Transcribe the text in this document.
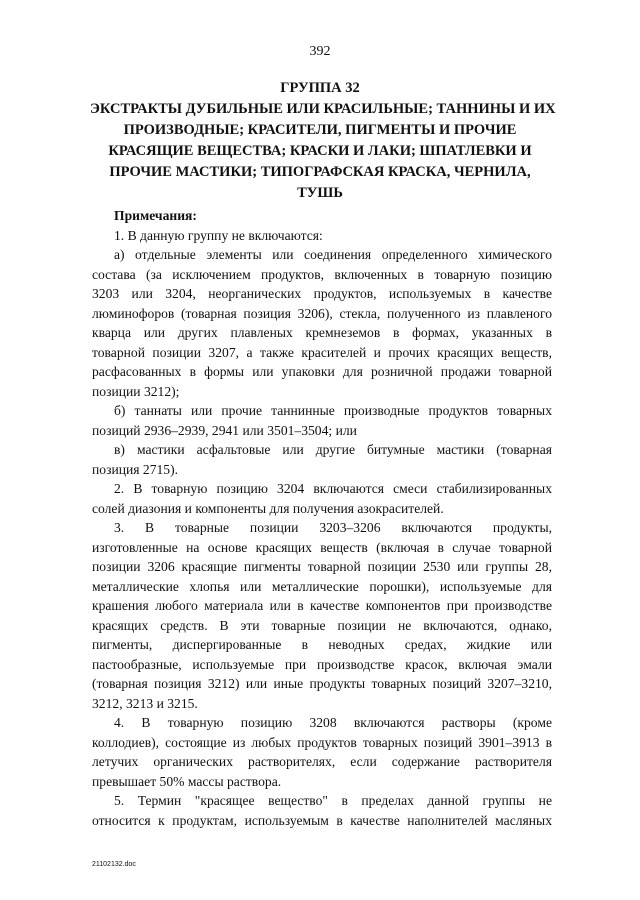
392
ГРУППА 32
ЭКСТРАКТЫ ДУБИЛЬНЫЕ ИЛИ КРАСИЛЬНЫЕ; ТАННИНЫ И ИХ
ПРОИЗВОДНЫЕ; КРАСИТЕЛИ, ПИГМЕНТЫ И ПРОЧИЕ
КРАСЯЩИЕ ВЕЩЕСТВА; КРАСКИ И ЛАКИ; ШПАТЛЕВКИ И
ПРОЧИЕ МАСТИКИ; ТИПОГРАФСКАЯ КРАСКА, ЧЕРНИЛА,
ТУШЬ
Примечания:
1. В данную группу не включаются:
а) отдельные элементы или соединения определенного химического
состава (за исключением продуктов, включенных в товарную позицию
3203 или 3204, неорганических продуктов, используемых в качестве
люминофоров (товарная позиция 3206), стекла, полученного из плавленого
кварца или других плавленых кремнеземов в формах, указанных в
товарной позиции 3207, а также красителей и прочих красящих веществ,
расфасованных в формы или упаковки для розничной продажи товарной
позиции 3212);
б) таннаты или прочие таннинные производные продуктов товарных
позиций 2936–2939, 2941 или 3501–3504; или
в) мастики асфальтовые или другие битумные мастики (товарная
позиция 2715).
2. В товарную позицию 3204 включаются смеси стабилизированных
солей диазония и компоненты для получения азокрасителей.
3. В товарные позиции 3203–3206 включаются продукты,
изготовленные на основе красящих веществ (включая в случае товарной
позиции 3206 красящие пигменты товарной позиции 2530 или группы 28,
металлические хлопья или металлические порошки), используемые для
крашения любого материала или в качестве компонентов при производстве
красящих средств. В эти товарные позиции не включаются, однако,
пигменты, диспергированные в неводных средах, жидкие или
пастообразные, используемые при производстве красок, включая эмали
(товарная позиция 3212) или иные продукты товарных позиций 3207–3210,
3212, 3213 и 3215.
4. В товарную позицию 3208 включаются растворы (кроме
коллодиев), состоящие из любых продуктов товарных позиций 3901–3913 в
летучих органических растворителях, если содержание растворителя
превышает 50% массы раствора.
5. Термин "красящее вещество" в пределах данной группы не
относится к продуктам, используемым в качестве наполнителей масляных
21102132.doc
